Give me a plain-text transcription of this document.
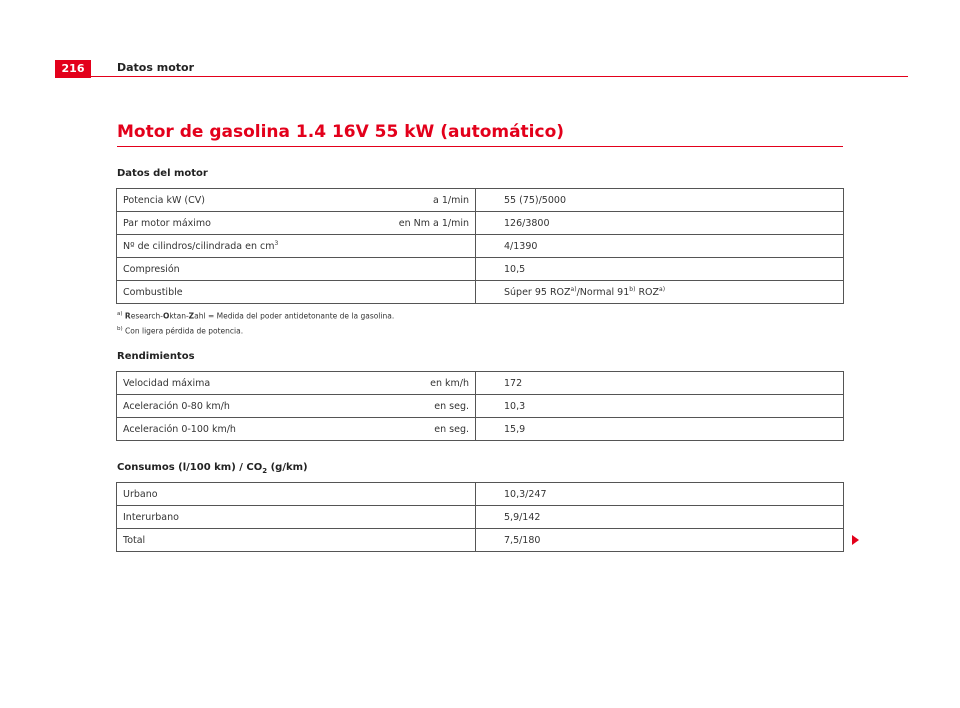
216	Datos motor
Motor de gasolina 1.4 16V 55 kW (automático)
Datos del motor
Potencia kW (CV) a 1/min	55 (75)/5000

Par motor máximo en Nm a 1/min	126/3800

Nº de cilindros/cilindrada en cm$^3$	4/1390

Compresión	10,5

Combustible	Súper 95 ROZ$^{a)}$/Normal 91$^{b)}$ ROZ$^{a)}$
$^{a)}$ Research-Oktan-Zahl = Medida del poder antidetonante de la gasolina.
$^{b)}$ Con ligera pérdida de potencia.
Rendimientos
Velocidad máxima en km/h	172

Aceleración 0-80 km/h en seg.	10,3

Aceleración 0-100 km/h en seg.	15,9
Consumos (l/100 $km) / CO_2$ (g/km)
Urbano	10,3/247
Interurbano	5,9/142
Total	7,5/180
